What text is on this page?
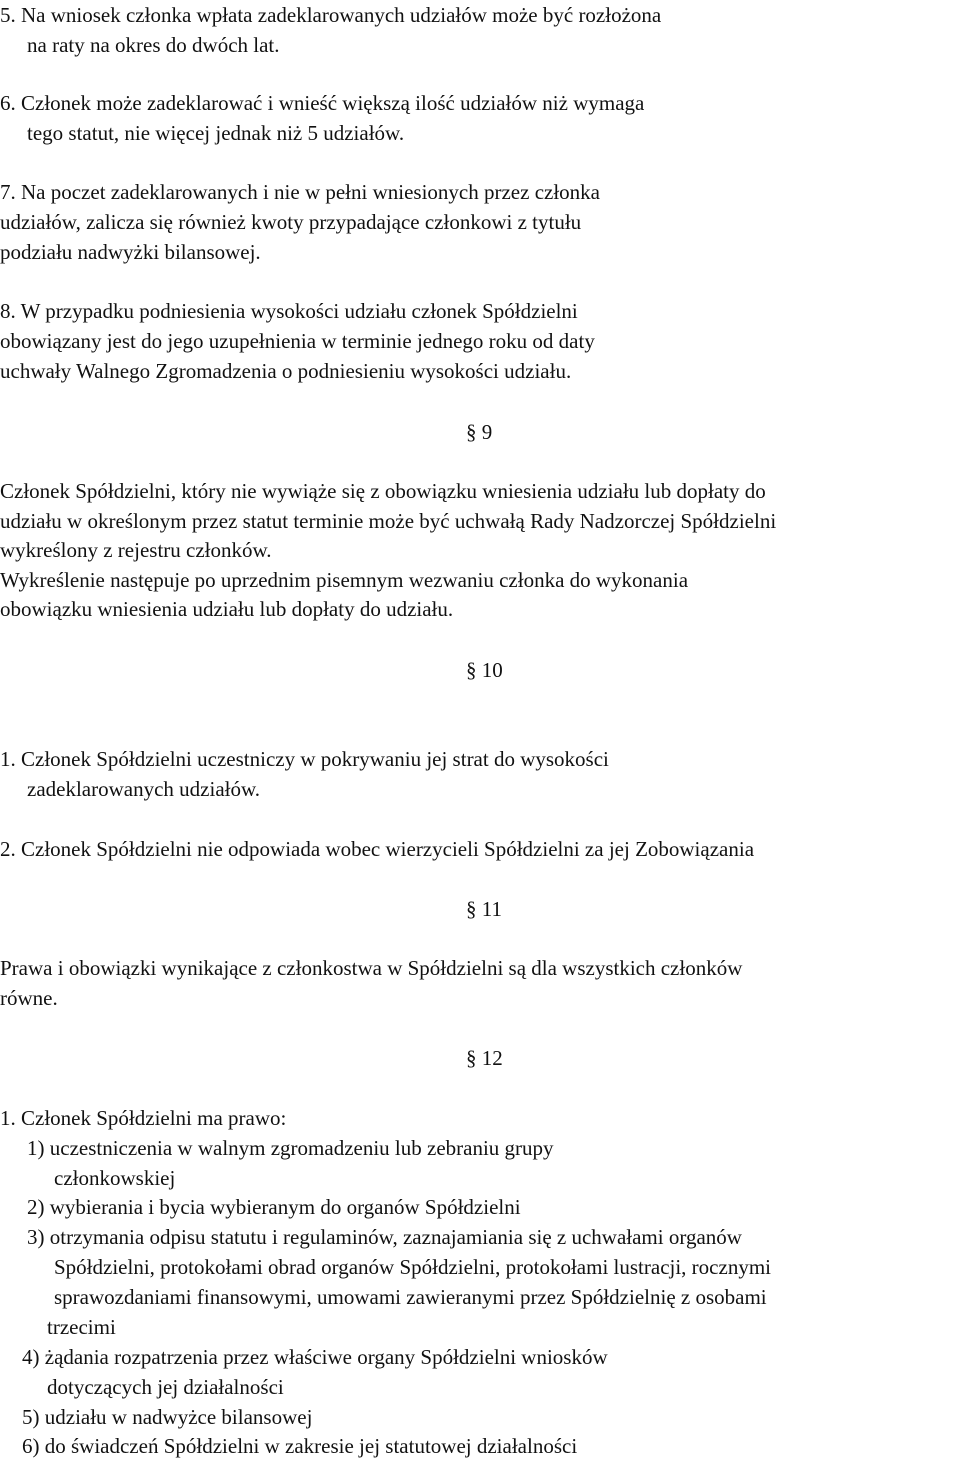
5. Na wniosek członka wpłata zadeklarowanych udziałów może być rozłożona
na raty na okres do dwóch lat.
6. Członek może zadeklarować i wnieść większą ilość udziałów niż wymaga
tego statut, nie więcej jednak niż 5 udziałów.
7. Na poczet zadeklarowanych i nie w pełni wniesionych przez członka
udziałów, zalicza się również kwoty przypadające członkowi z tytułu
podziału nadwyżki bilansowej.
8. W przypadku podniesienia wysokości udziału członek Spółdzielni
obowiązany jest do jego uzupełnienia w terminie jednego roku od daty
uchwały Walnego Zgromadzenia o podniesieniu wysokości udziału.
§ 9
Członek Spółdzielni, który nie wywiąże się z obowiązku wniesienia udziału lub dopłaty do
udziału w określonym przez statut terminie może być uchwałą Rady Nadzorczej Spółdzielni
wykreślony z rejestru członków.
Wykreślenie następuje po uprzednim pisemnym wezwaniu członka do wykonania
obowiązku wniesienia udziału lub dopłaty do udziału.
§ 10
1. Członek Spółdzielni uczestniczy w pokrywaniu jej strat do wysokości
zadeklarowanych udziałów.
2. Członek Spółdzielni nie odpowiada wobec wierzycieli Spółdzielni za jej Zobowiązania
§ 11
Prawa i obowiązki wynikające z członkostwa w Spółdzielni są dla wszystkich członków
równe.
§ 12
1. Członek Spółdzielni ma prawo:
1) uczestniczenia w walnym zgromadzeniu lub zebraniu grupy
członkowskiej
2) wybierania i bycia wybieranym do organów Spółdzielni
3) otrzymania odpisu statutu i regulaminów, zaznajamiania się z uchwałami organów
Spółdzielni, protokołami obrad organów Spółdzielni, protokołami lustracji, rocznymi
sprawozdaniami finansowymi, umowami zawieranymi przez Spółdzielnię z osobami
trzecimi
4) żądania rozpatrzenia przez właściwe organy Spółdzielni wniosków
dotyczących jej działalności
5) udziału w nadwyżce bilansowej
6) do świadczeń Spółdzielni w zakresie jej statutowej działalności
